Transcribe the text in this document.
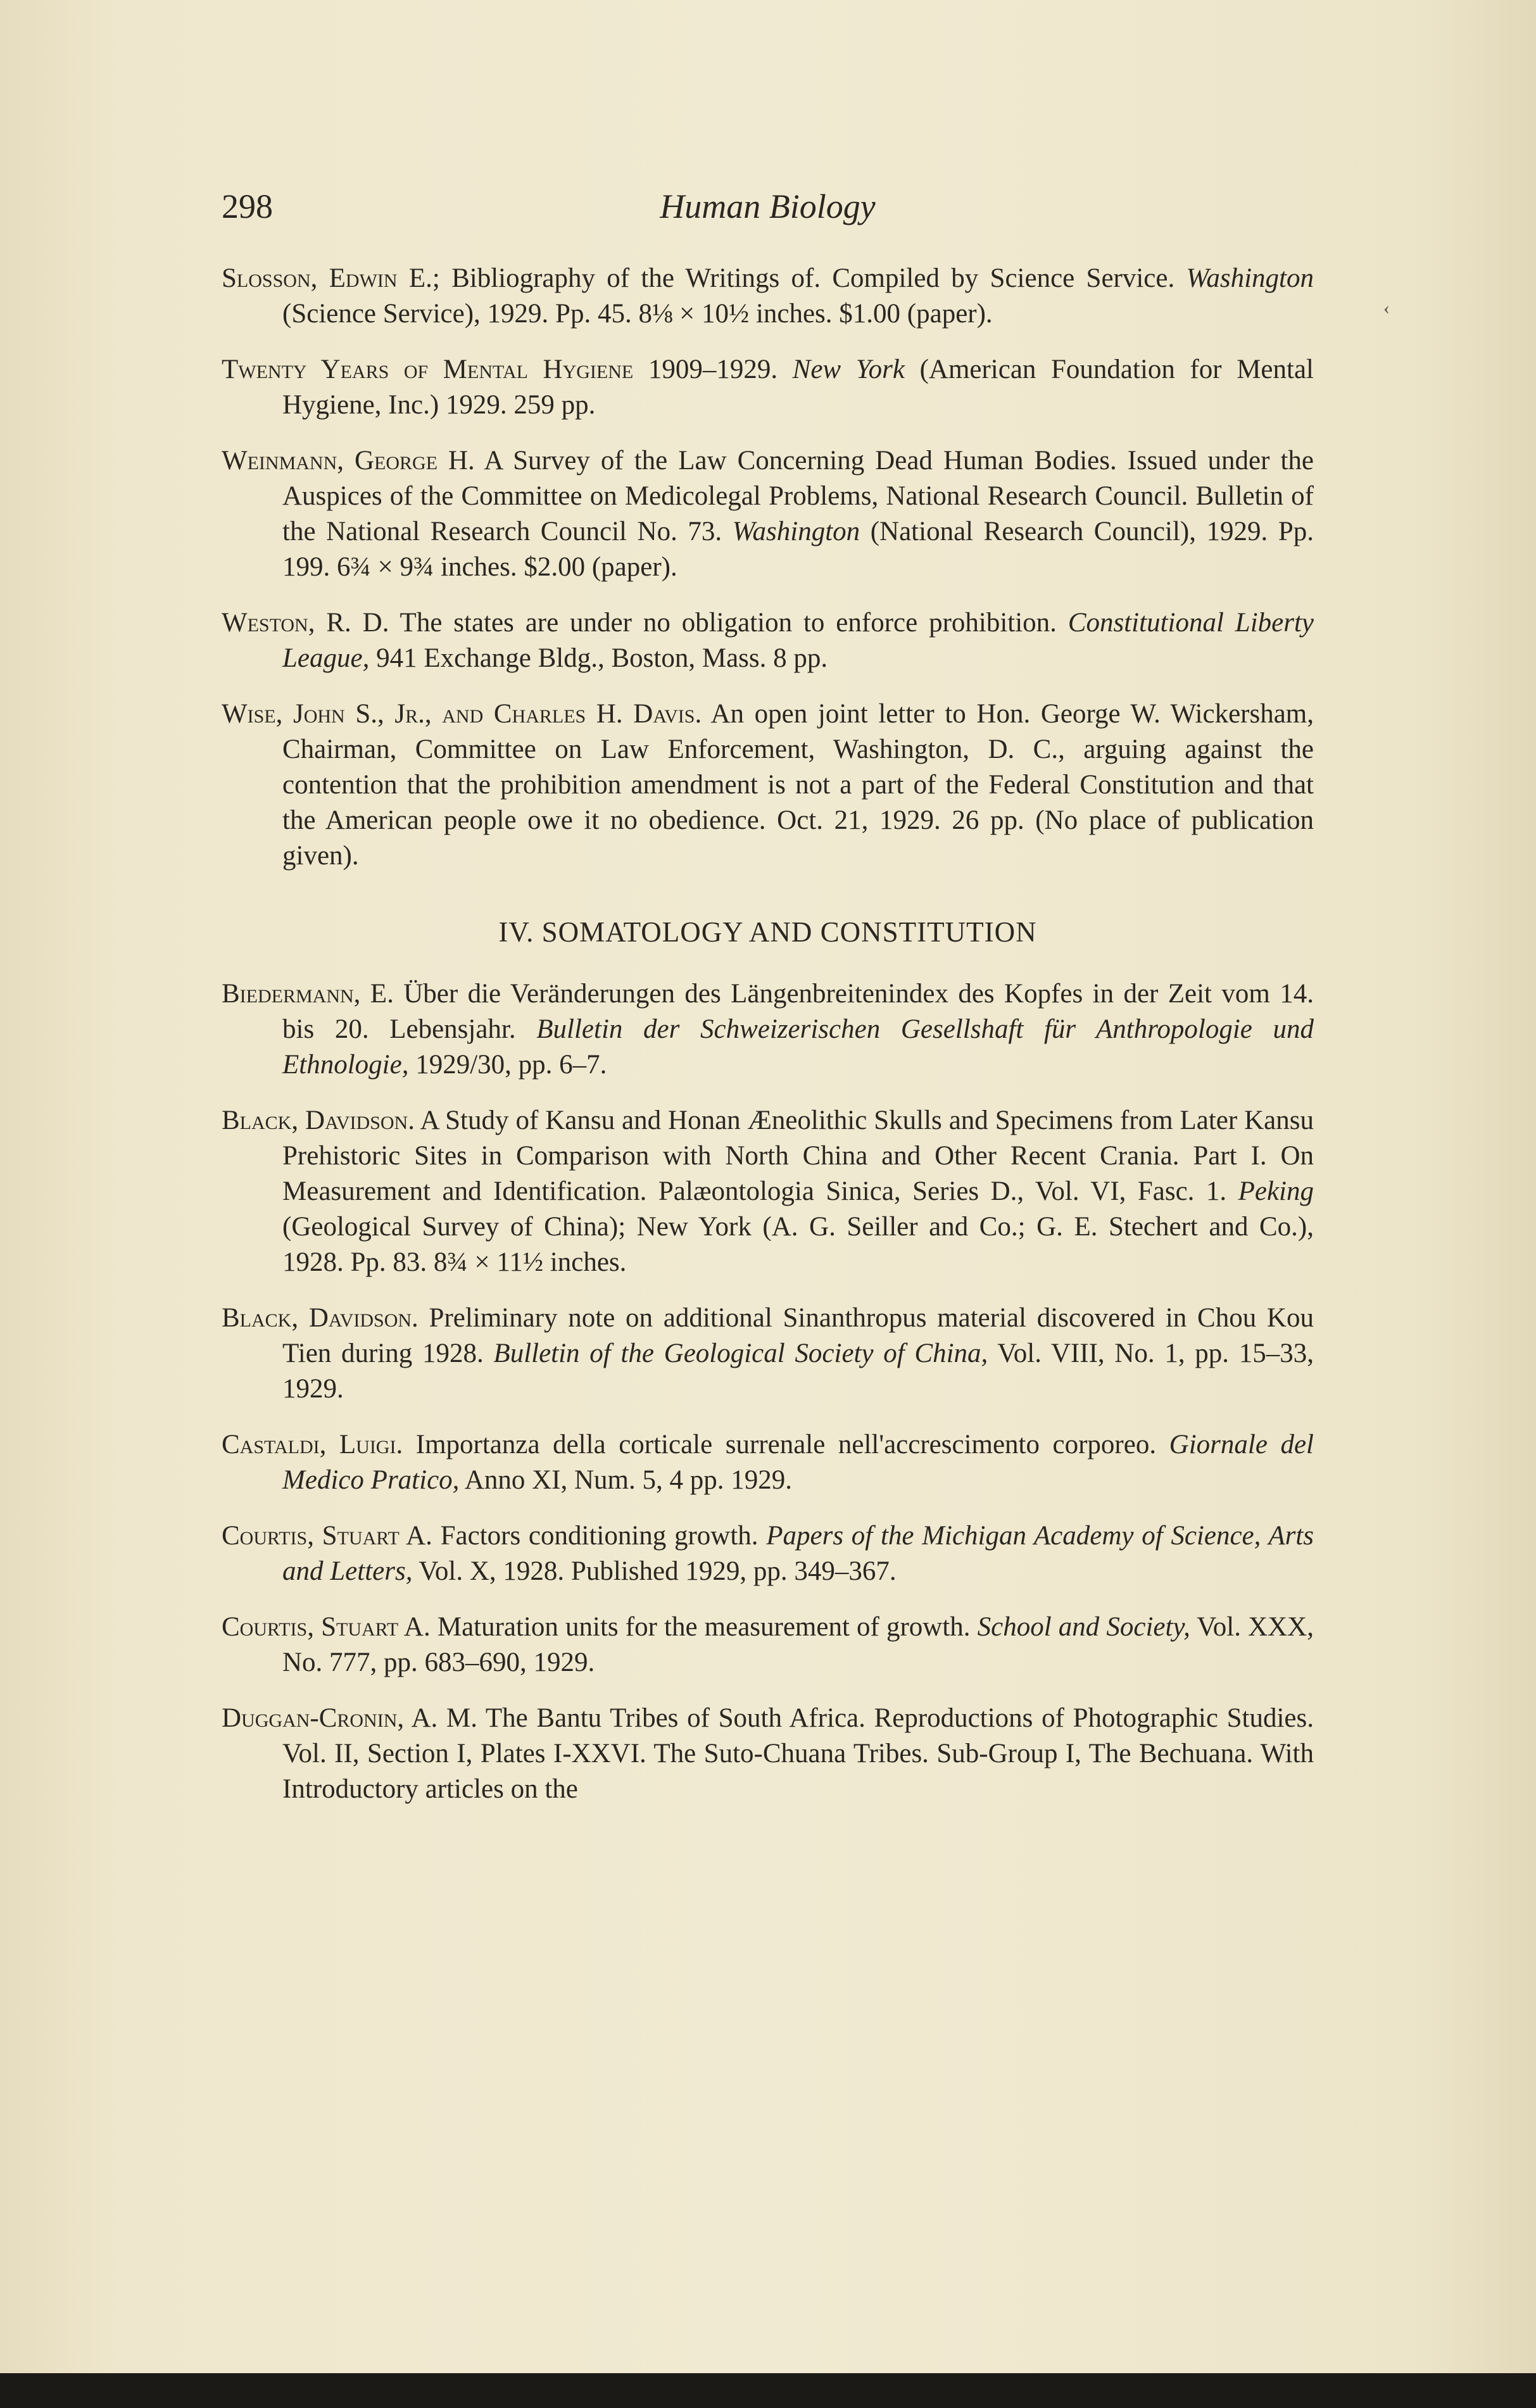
298	Human Biology

Slosson, Edwin E.; Bibliography of the Writings of. Compiled by Science Service. Washington (Science Service), 1929. Pp. 45. 8⅛ × 10½ inches. $1.00 (paper).

Twenty Years of Mental Hygiene 1909–1929. New York (American Foundation for Mental Hygiene, Inc.) 1929. 259 pp.

Weinmann, George H. A Survey of the Law Concerning Dead Human Bodies. Issued under the Auspices of the Committee on Medicolegal Problems, National Research Council. Bulletin of the National Research Council No. 73. Washington (National Research Council), 1929. Pp. 199. 6¾ × 9¾ inches. $2.00 (paper).

Weston, R. D. The states are under no obligation to enforce prohibition. Constitutional Liberty League, 941 Exchange Bldg., Boston, Mass. 8 pp.

Wise, John S., Jr., and Charles H. Davis. An open joint letter to Hon. George W. Wickersham, Chairman, Committee on Law Enforcement, Washington, D. C., arguing against the contention that the prohibition amendment is not a part of the Federal Constitution and that the American people owe it no obedience. Oct. 21, 1929. 26 pp. (No place of publication given).

IV. SOMATOLOGY AND CONSTITUTION

Biedermann, E. Über die Veränderungen des Längenbreitenindex des Kopfes in der Zeit vom 14. bis 20. Lebensjahr. Bulletin der Schweizerischen Gesellshaft für Anthropologie und Ethnologie, 1929/30, pp. 6–7.

Black, Davidson. A Study of Kansu and Honan Æneolithic Skulls and Specimens from Later Kansu Prehistoric Sites in Comparison with North China and Other Recent Crania. Part I. On Measurement and Identification. Palæontologia Sinica, Series D., Vol. VI, Fasc. 1. Peking (Geological Survey of China); New York (A. G. Seiller and Co.; G. E. Stechert and Co.), 1928. Pp. 83. 8¾ × 11½ inches.

Black, Davidson. Preliminary note on additional Sinanthropus material discovered in Chou Kou Tien during 1928. Bulletin of the Geological Society of China, Vol. VIII, No. 1, pp. 15–33, 1929.

Castaldi, Luigi. Importanza della corticale surrenale nell'accrescimento corporeo. Giornale del Medico Pratico, Anno XI, Num. 5, 4 pp. 1929.

Courtis, Stuart A. Factors conditioning growth. Papers of the Michigan Academy of Science, Arts and Letters, Vol. X, 1928. Published 1929, pp. 349–367.

Courtis, Stuart A. Maturation units for the measurement of growth. School and Society, Vol. XXX, No. 777, pp. 683–690, 1929.

Duggan-Cronin, A. M. The Bantu Tribes of South Africa. Reproductions of Photographic Studies. Vol. II, Section I, Plates I-XXVI. The Suto-Chuana Tribes. Sub-Group I, The Bechuana. With Introductory articles on the

‹
